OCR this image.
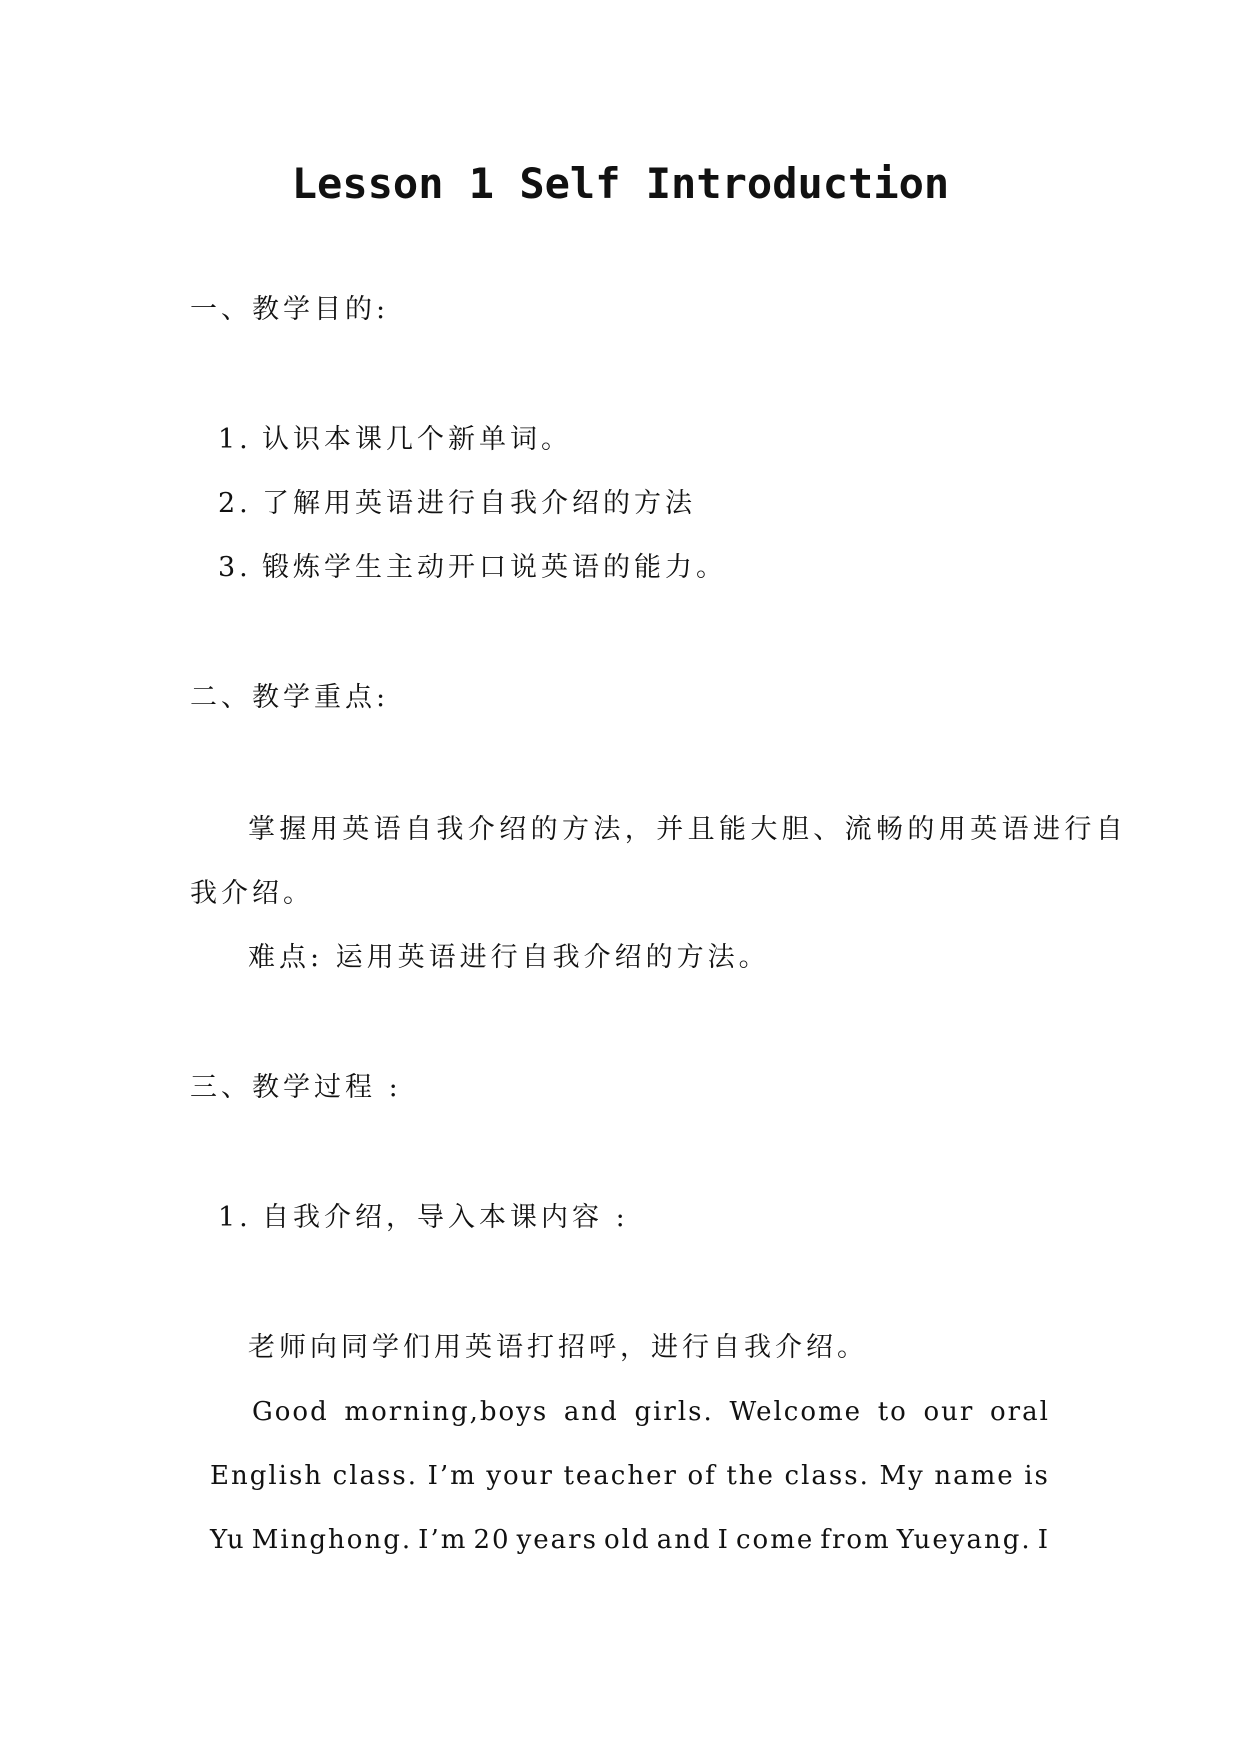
Lesson 1 Self Introduction
一、教学目的:
1. 认识本课几个新单词。
2. 了解用英语进行自我介绍的方法
3. 锻炼学生主动开口说英语的能力。
二、教学重点:
掌握用英语自我介绍的方法，并且能大胆、流畅的用英语进行自
我介绍。
难点: 运用英语进行自我介绍的方法。
三、教学过程 :
1. 自我介绍，导入本课内容 :
老师向同学们用英语打招呼，进行自我介绍。
Good morning,boys and girls. Welcome to our oral
English class. I’m your teacher of the class. My name is
Yu Minghong. I’m 20 years old and I come from Yueyang. I
